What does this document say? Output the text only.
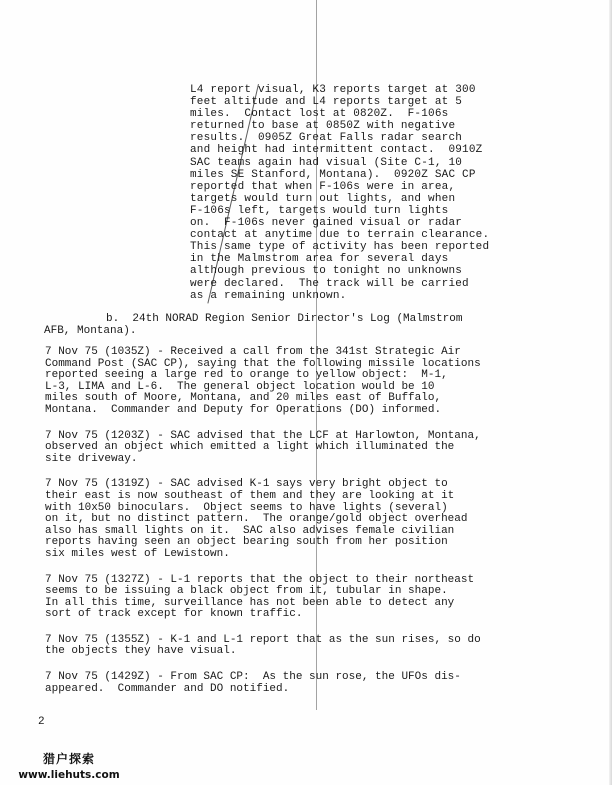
L4 report visual, K3 reports target at 300
feet altitude and L4 reports target at 5
miles.  Contact lost at 0820Z.  F-106s
returned to base at 0850Z with negative
results.  0905Z Great Falls radar search
and height had intermittent contact.  0910Z
SAC teams again had visual (Site C-1, 10
miles SE Stanford, Montana).  0920Z SAC CP
reported that when F-106s were in area,
targets would turn out lights, and when
F-106s left, targets would turn lights
on.  F-106s never gained visual or radar
contact at anytime due to terrain clearance.
This same type of activity has been reported
in the Malmstrom area for several days
although previous to tonight no unknowns
were declared.  The track will be carried
as a remaining unknown.
b.  24th NORAD Region Senior Director's Log (Malmstrom
AFB, Montana).
7 Nov 75 (1035Z) - Received a call from the 341st Strategic Air
Command Post (SAC CP), saying that the following missile locations
reported seeing a large red to orange to yellow object:  M-1,
L-3, LIMA and L-6.  The general object location would be 10
miles south of Moore, Montana, and 20 miles east of Buffalo,
Montana.  Commander and Deputy for Operations (DO) informed.
7 Nov 75 (1203Z) - SAC advised that the LCF at Harlowton, Montana,
observed an object which emitted a light which illuminated the
site driveway.
7 Nov 75 (1319Z) - SAC advised K-1 says very bright object to
their east is now southeast of them and they are looking at it
with 10x50 binoculars.  Object seems to have lights (several)
on it, but no distinct pattern.  The orange/gold object overhead
also has small lights on it.  SAC also advises female civilian
reports having seen an object bearing south from her position
six miles west of Lewistown.
7 Nov 75 (1327Z) - L-1 reports that the object to their northeast
seems to be issuing a black object from it, tubular in shape.
In all this time, surveillance has not been able to detect any
sort of track except for known traffic.
7 Nov 75 (1355Z) - K-1 and L-1 report that as the sun rises, so do
the objects they have visual.
7 Nov 75 (1429Z) - From SAC CP:  As the sun rose, the UFOs dis-
appeared.  Commander and DO notified.
2
猎户探索
www.liehuts.com
